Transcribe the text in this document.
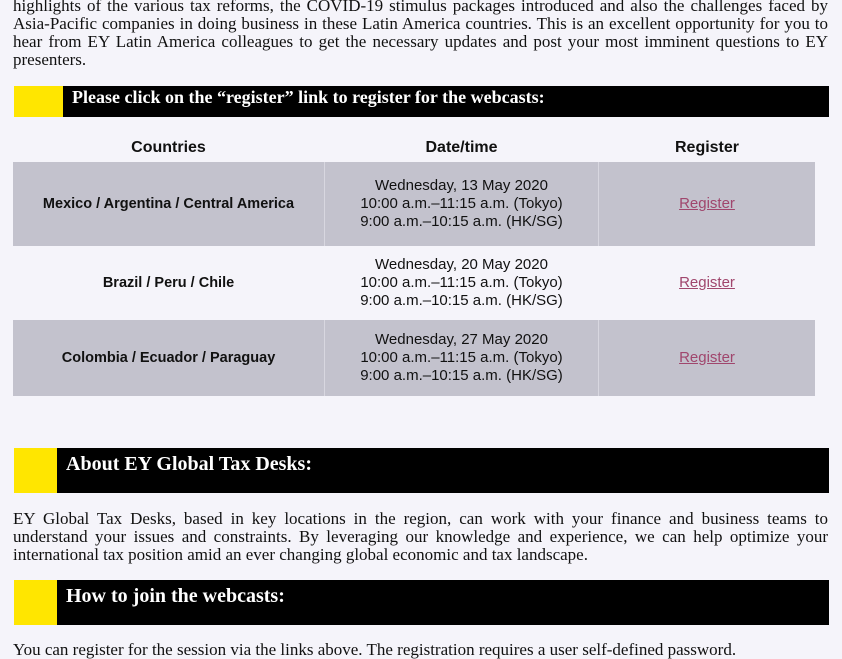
highlights of the various tax reforms, the COVID-19 stimulus packages introduced and also the challenges faced by Asia-Pacific companies in doing business in these Latin America countries. This is an excellent opportunity for you to hear from EY Latin America colleagues to get the necessary updates and post your most imminent questions to EY presenters.

Please click on the “register” link to register for the webcasts:
Countries	Date/time	Register
Mexico / Argentina / Central America
Wednesday, 13 May 2020
10:00 a.m.–11:15 a.m. (Tokyo)
9:00 a.m.–10:15 a.m. (HK/SG)
Register
Brazil / Peru / Chile
Wednesday, 20 May 2020
10:00 a.m.–11:15 a.m. (Tokyo)
9:00 a.m.–10:15 a.m. (HK/SG)
Register
Colombia / Ecuador / Paraguay
Wednesday, 27 May 2020
10:00 a.m.–11:15 a.m. (Tokyo)
9:00 a.m.–10:15 a.m. (HK/SG)
Register
About EY Global Tax Desks:

EY Global Tax Desks, based in key locations in the region, can work with your finance and business teams to understand your issues and constraints. By leveraging our knowledge and experience, we can help optimize your international tax position amid an ever changing global economic and tax landscape.

How to join the webcasts:

You can register for the session via the links above. The registration requires a user self-defined password.
